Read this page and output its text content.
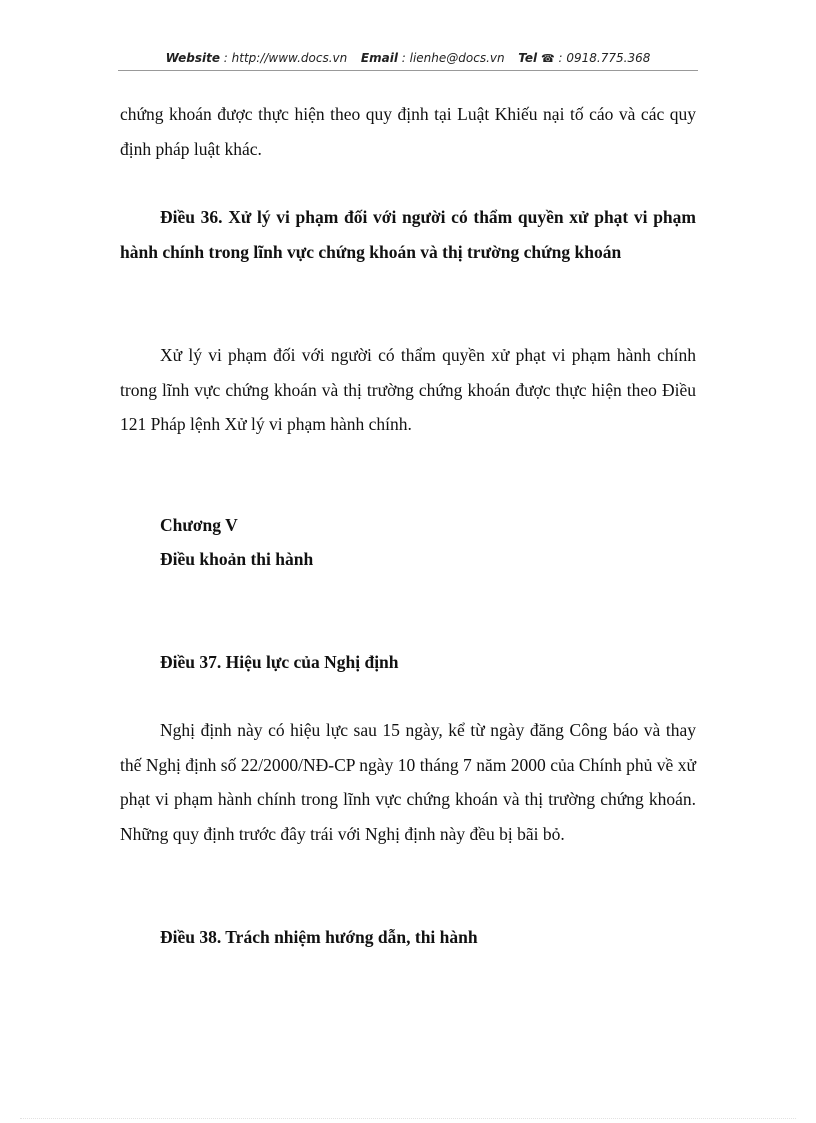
Website : http://www.docs.vn Email : lienhe@docs.vn Tel ☎ : 0918.775.368
chứng khoán được thực hiện theo quy định tại Luật Khiếu nại tố cáo và các quy định pháp luật khác.
Điều 36. Xử lý vi phạm đối với người có thẩm quyền xử phạt vi phạm hành chính trong lĩnh vực chứng khoán và thị trường chứng khoán
Xử lý vi phạm đối với người có thẩm quyền xử phạt vi phạm hành chính trong lĩnh vực chứng khoán và thị trường chứng khoán được thực hiện theo Điều 121 Pháp lệnh Xử lý vi phạm hành chính.
Chương V
Điều khoản thi hành
Điều 37. Hiệu lực của Nghị định
Nghị định này có hiệu lực sau 15 ngày, kể từ ngày đăng Công báo và thay thế Nghị định số 22/2000/NĐ-CP ngày 10 tháng 7 năm 2000 của Chính phủ về xử phạt vi phạm hành chính trong lĩnh vực chứng khoán và thị trường chứng khoán. Những quy định trước đây trái với Nghị định này đều bị bãi bỏ.
Điều 38. Trách nhiệm hướng dẫn, thi hành
